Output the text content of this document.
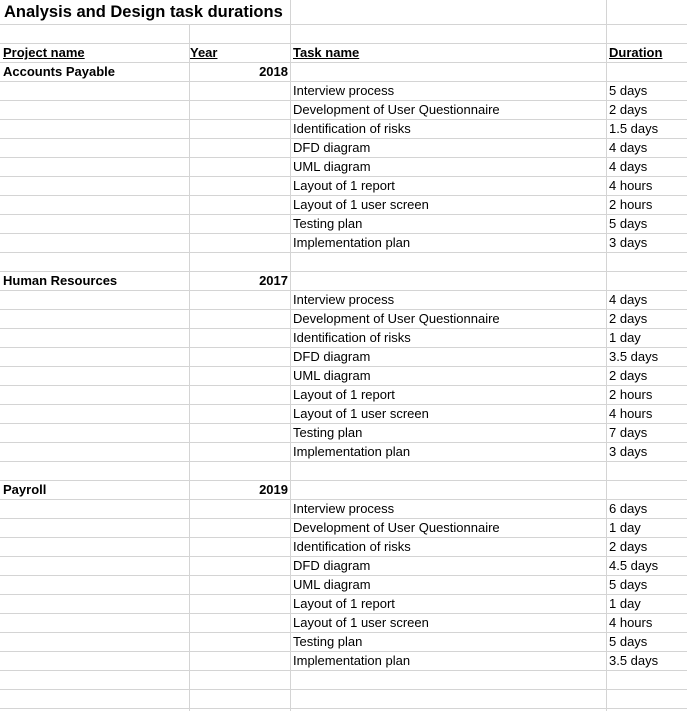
Analysis and Design task durations
Project name	Year	Task name	Duration
Accounts Payable	2018
Interview process	5 days
Development of User Questionnaire	2 days
Identification of risks	1.5 days
DFD diagram	4 days
UML diagram	4 days
Layout of 1 report	4 hours
Layout of 1 user screen	2 hours
Testing plan	5 days
Implementation plan	3 days
Human Resources	2017
Interview process	4 days
Development of User Questionnaire	2 days
Identification of risks	1 day
DFD diagram	3.5 days
UML diagram	2 days
Layout of 1 report	2 hours
Layout of 1 user screen	4 hours
Testing plan	7 days
Implementation plan	3 days
Payroll	2019
Interview process	6 days
Development of User Questionnaire	1 day
Identification of risks	2 days
DFD diagram	4.5 days
UML diagram	5 days
Layout of 1 report	1 day
Layout of 1 user screen	4 hours
Testing plan	5 days
Implementation plan	3.5 days
